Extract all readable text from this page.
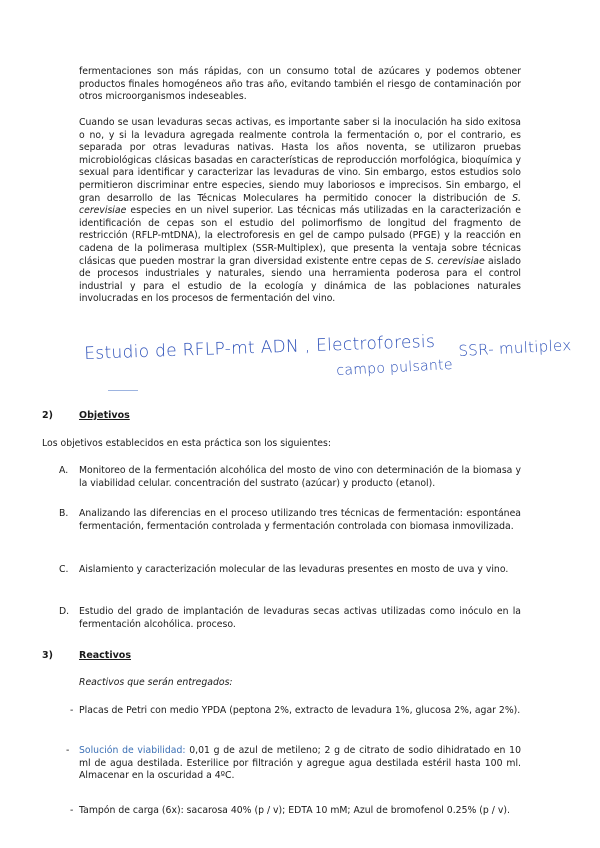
fermentaciones son más rápidas, con un consumo total de azúcares y podemos obtener productos finales homogéneos año tras año, evitando también el riesgo de contaminación por otros microorganismos indeseables.

Cuando se usan levaduras secas activas, es importante saber si la inoculación ha sido exitosa o no, y si la levadura agregada realmente controla la fermentación o, por el contrario, es separada por otras levaduras nativas. Hasta los años noventa, se utilizaron pruebas microbiológicas clásicas basadas en características de reproducción morfológica, bioquímica y sexual para identificar y caracterizar las levaduras de vino. Sin embargo, estos estudios solo permitieron discriminar entre especies, siendo muy laboriosos e imprecisos. Sin embargo, el gran desarrollo de las Técnicas Moleculares ha permitido conocer la distribución de S. cerevisiae especies en un nivel superior. Las técnicas más utilizadas en la caracterización e identificación de cepas son el estudio del polimorfismo de longitud del fragmento de restricción (RFLP-mtDNA), la electroforesis en gel de campo pulsado (PFGE) y la reacción en cadena de la polimerasa multiplex (SSR-Multiplex), que presenta la ventaja sobre técnicas clásicas que pueden mostrar la gran diversidad existente entre cepas de S. cerevisiae aislado de procesos industriales y naturales, siendo una herramienta poderosa para el control industrial y para el estudio de la ecología y dinámica de las poblaciones naturales involucradas en los procesos de fermentación del vino.

Estudio de RFLP-mt ADN , Electroforesis SSR- multiplex
campo pulsante
2)	Objetivos

Los objetivos establecidos en esta práctica son los siguientes:

A. Monitoreo de la fermentación alcohólica del mosto de vino con determinación de la biomasa y la viabilidad celular. concentración del sustrato (azúcar) y producto (etanol).

B. Analizando las diferencias en el proceso utilizando tres técnicas de fermentación: espontánea fermentación, fermentación controlada y fermentación controlada con biomasa inmovilizada.

C. Aislamiento y caracterización molecular de las levaduras presentes en mosto de uva y vino.

D. Estudio del grado de implantación de levaduras secas activas utilizadas como inóculo en la fermentación alcohólica. proceso.

3)	Reactivos

Reactivos que serán entregados:

- Placas de Petri con medio YPDA (peptona 2%, extracto de levadura 1%, glucosa 2%, agar 2%).

- Solución de viabilidad: 0,01 g de azul de metileno; 2 g de citrato de sodio dihidratado en 10 ml de agua destilada. Esterilice por filtración y agregue agua destilada estéril hasta 100 ml. Almacenar en la oscuridad a 4ºC.

- Tampón de carga (6x): sacarosa 40% (p / v); EDTA 10 mM; Azul de bromofenol 0.25% (p / v).
